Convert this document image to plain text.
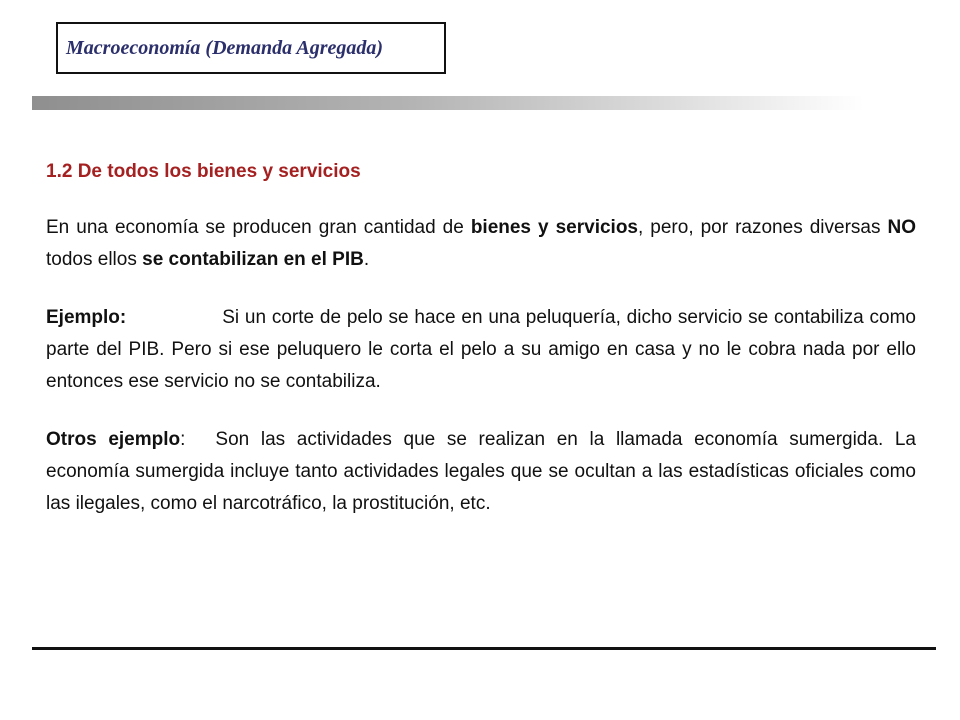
Macroeconomía (Demanda Agregada)
1.2 De todos los bienes y servicios

En una economía se producen gran cantidad de bienes y servicios, pero, por razones diversas NO todos ellos se contabilizan en el PIB.

Ejemplo:	Si un corte de pelo se hace en una peluquería, dicho servicio se contabiliza como parte del PIB. Pero si ese peluquero le corta el pelo a su amigo en casa y no le cobra nada por ello entonces ese servicio no se contabiliza.

Otros ejemplo: Son las actividades que se realizan en la llamada economía sumergida. La economía sumergida incluye tanto actividades legales que se ocultan a las estadísticas oficiales como las ilegales, como el narcotráfico, la prostitución, etc.
